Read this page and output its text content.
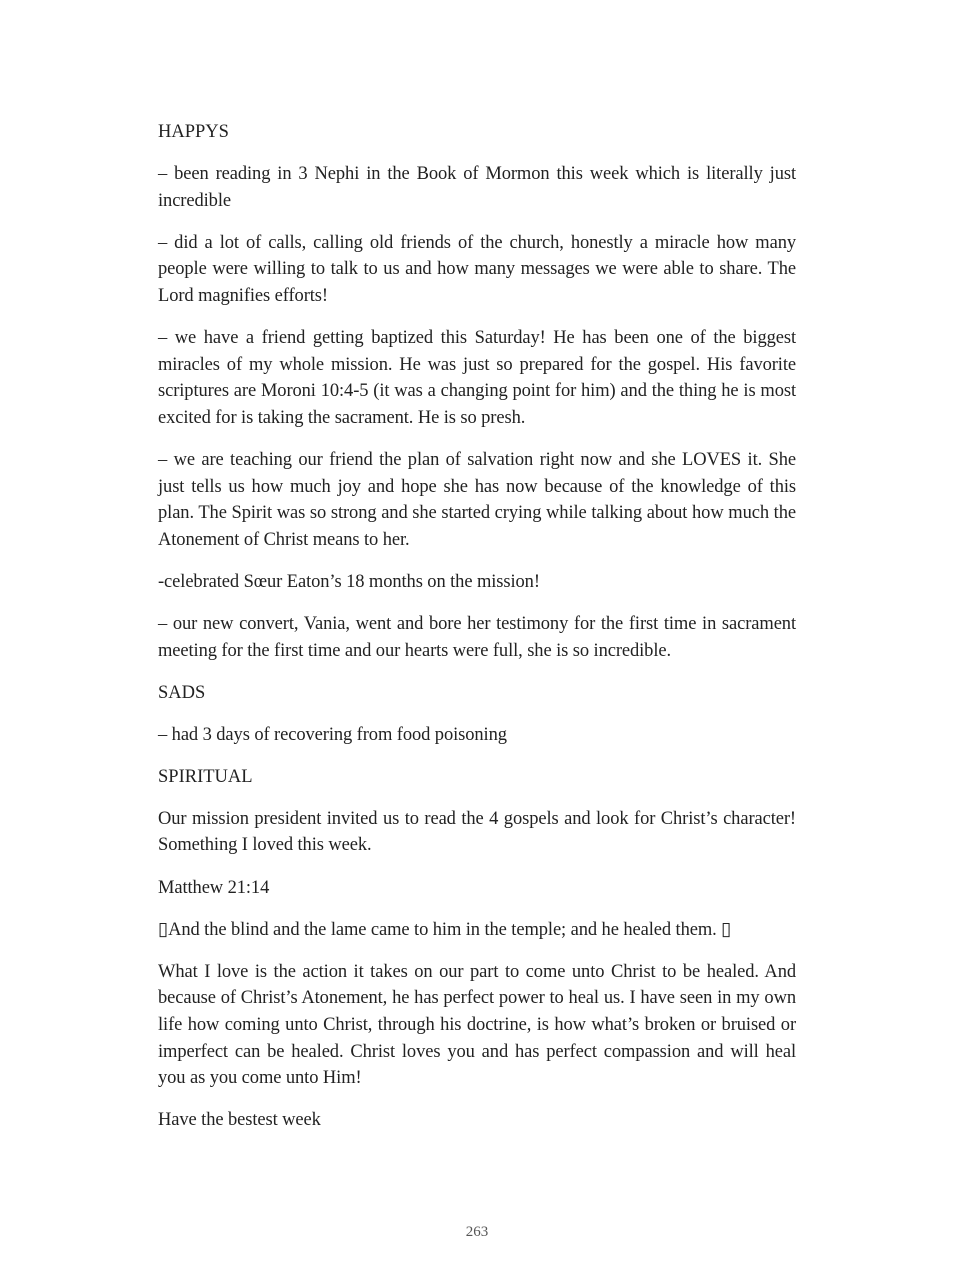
HAPPYS

– been reading in 3 Nephi in the Book of Mormon this week which is literally just incredible

– did a lot of calls, calling old friends of the church, honestly a miracle how many people were willing to talk to us and how many messages we were able to share. The Lord magnifies efforts!

– we have a friend getting baptized this Saturday! He has been one of the biggest miracles of my whole mission. He was just so prepared for the gospel. His favorite scriptures are Moroni 10:4-5 (it was a changing point for him) and the thing he is most excited for is taking the sacrament. He is so presh.

– we are teaching our friend the plan of salvation right now and she LOVES it. She just tells us how much joy and hope she has now because of the knowledge of this plan. The Spirit was so strong and she started crying while talking about how much the Atonement of Christ means to her.

-celebrated Sœur Eaton’s 18 months on the mission!

– our new convert, Vania, went and bore her testimony for the first time in sacrament meeting for the first time and our hearts were full, she is so incredible.

SADS

– had 3 days of recovering from food poisoning

SPIRITUAL

Our mission president invited us to read the 4 gospels and look for Christ’s character! Something I loved this week.

Matthew 21:14

▯And the blind and the lame came to him in the temple; and he healed them. ▯

What I love is the action it takes on our part to come unto Christ to be healed. And because of Christ’s Atonement, he has perfect power to heal us. I have seen in my own life how coming unto Christ, through his doctrine, is how what’s broken or bruised or imperfect can be healed. Christ loves you and has perfect compassion and will heal you as you come unto Him!

Have the bestest week

263
